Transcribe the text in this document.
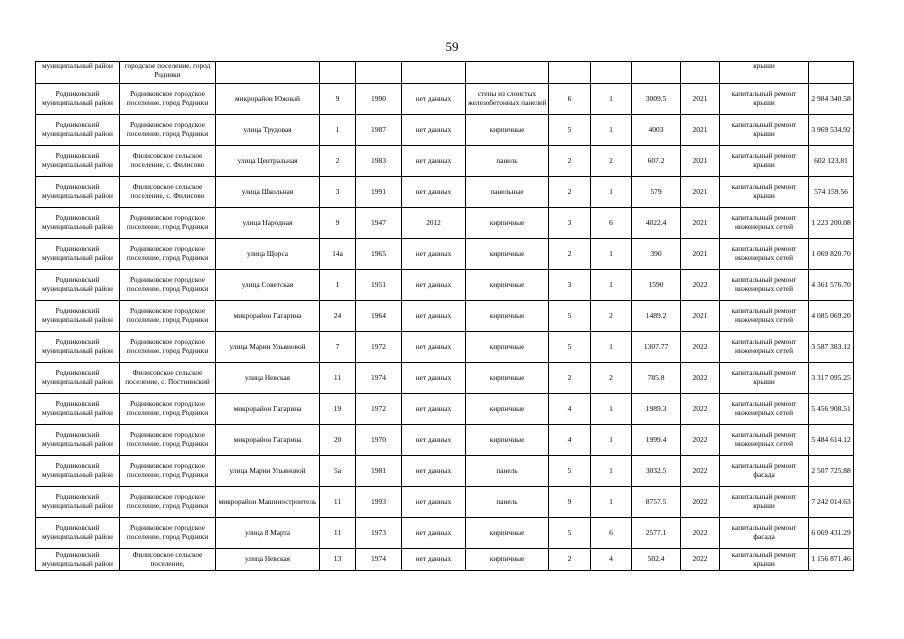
59
муниципальный район	городское поселение, город Родники										крыши	
Родниковский муниципальный район	Родниковское городское поселение, город Родники	микрорайон Южный	9	1990	нет данных	стены из слоистых железобетонных панелей	6	1	3009.5	2021	капитальный ремонт крыши	2 984 340.58
Родниковский муниципальный район	Родниковское городское поселение, город Родники	улица Трудовая	1	1987	нет данных	кирпичные	5	1	4003	2021	капитальный ремонт крыши	3 969 534.92
Родниковский муниципальный район	Филисовское сельское поселение, с. Филисово	улица Центральная	2	1983	нет данных	панель	2	2	607.2	2021	капитальный ремонт крыши	602 123.81
Родниковский муниципальный район	Филисовское сельское поселение, с. Филисово	улица Школьная	3	1991	нет данных	панельные	2	1	579	2021	капитальный ремонт крыши	574 159.56
Родниковский муниципальный район	Родниковское городское поселение, город Родники	улица Народная	9	1947	2012	кирпичные	3	6	4022.4	2021	капитальный ремонт инженерных сетей	1 223 200.08
Родниковский муниципальный район	Родниковское городское поселение, город Родники	улица Щорса	14а	1965	нет данных	кирпичные	2	1	390	2021	капитальный ремонт инженерных сетей	1 069 820.70
Родниковский муниципальный район	Родниковское городское поселение, город Родники	улица Советская	1	1951	нет данных	кирпичные	3	1	1590	2022	капитальный ремонт инженерных сетей	4 361 576.70
Родниковский муниципальный район	Родниковское городское поселение, город Родники	микрорайон Гагарина	24	1964	нет данных	кирпичные	5	2	1489.2	2021	капитальный ремонт инженерных сетей	4 085 069.20
Родниковский муниципальный район	Родниковское городское поселение, город Родники	улица Марии Ульяновой	7	1972	нет данных	кирпичные	5	1	1307.77	2022	капитальный ремонт инженерных сетей	3 587 383.12
Родниковский муниципальный район	Филисовское сельское поселение, с. Постнинский	улица Невская	11	1974	нет данных	кирпичные	2	2	785.8	2022	капитальный ремонт крыши	3 317 095.25
Родниковский муниципальный район	Родниковское городское поселение, город Родники	микрорайон Гагарина	19	1972	нет данных	кирпичные	4	1	1989.3	2022	капитальный ремонт инженерных сетей	5 456 908.51
Родниковский муниципальный район	Родниковское городское поселение, город Родники	микрорайон Гагарина	20	1970	нет данных	кирпичные	4	1	1999.4	2022	капитальный ремонт инженерных сетей	5 484 614.12
Родниковский муниципальный район	Родниковское городское поселение, город Родники	улица Марии Ульяновой	5а	1981	нет данных	панель	5	1	3032.5	2022	капитальный ремонт фасада	2 507 725.88
Родниковский муниципальный район	Родниковское городское поселение, город Родники	микрорайон Машиностроитель	11	1993	нет данных	панель	9	1	8757.5	2022	капитальный ремонт крыши	7 242 014.63
Родниковский муниципальный район	Родниковское городское поселение, город Родники	улица 8 Марта	11	1973	нет данных	кирпичные	5	6	2577.1	2022	капитальный ремонт фасада	6 069 431.29
Родниковский муниципальный район	Филисовское сельское поселение,	улица Невская	13	1974	нет данных	кирпичные	2	4	502.4	2022	капитальный ремонт крыши	1 156 871.46
